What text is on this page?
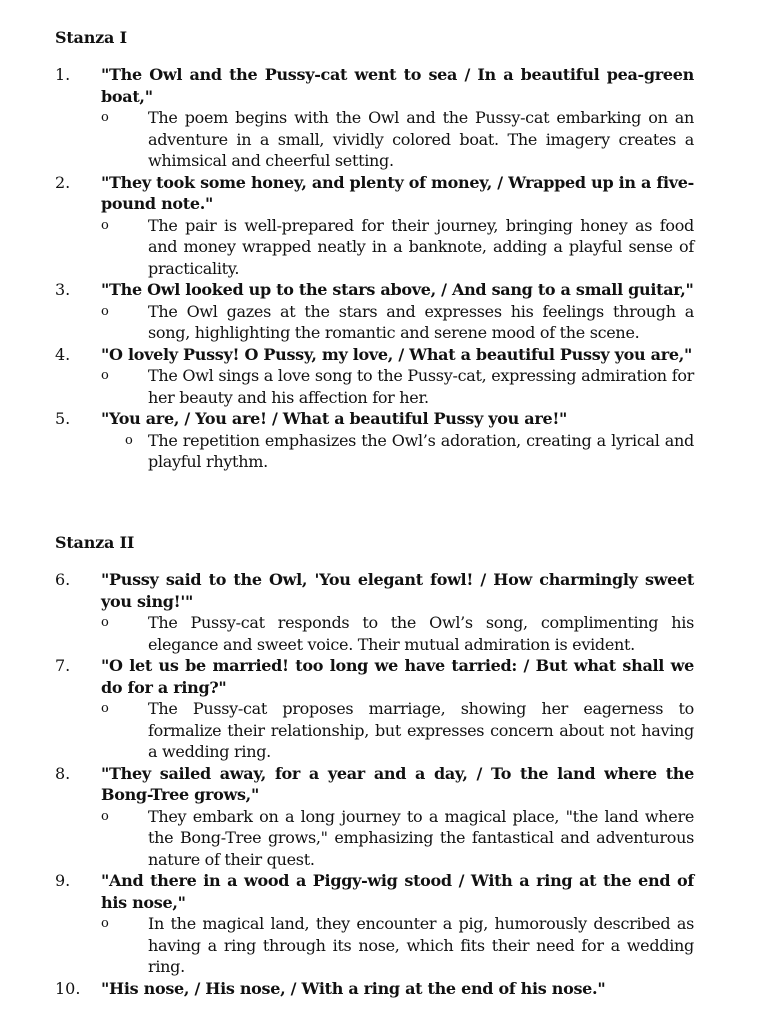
Stanza I
1.	"The Owl and the Pussy-cat went to sea / In a beautiful pea-green boat,"
o The poem begins with the Owl and the Pussy-cat embarking on an adventure in a small, vividly colored boat. The imagery creates a whimsical and cheerful setting.
2.	"They took some honey, and plenty of money, / Wrapped up in a five-pound note."
o The pair is well-prepared for their journey, bringing honey as food and money wrapped neatly in a banknote, adding a playful sense of practicality.
3.	"The Owl looked up to the stars above, / And sang to a small guitar,"
o The Owl gazes at the stars and expresses his feelings through a song, highlighting the romantic and serene mood of the scene.
4.	"O lovely Pussy! O Pussy, my love, / What a beautiful Pussy you are,"
o The Owl sings a love song to the Pussy-cat, expressing admiration for her beauty and his affection for her.
5.	"You are, / You are! / What a beautiful Pussy you are!"
o The repetition emphasizes the Owl’s adoration, creating a lyrical and playful rhythm.
Stanza II
6.	"Pussy said to the Owl, 'You elegant fowl! / How charmingly sweet you sing!'"
o The Pussy-cat responds to the Owl’s song, complimenting his elegance and sweet voice. Their mutual admiration is evident.
7.	"O let us be married! too long we have tarried: / But what shall we do for a ring?"
o The Pussy-cat proposes marriage, showing her eagerness to formalize their relationship, but expresses concern about not having a wedding ring.
8.	"They sailed away, for a year and a day, / To the land where the Bong-Tree grows,"
o They embark on a long journey to a magical place, "the land where the Bong-Tree grows," emphasizing the fantastical and adventurous nature of their quest.
9.	"And there in a wood a Piggy-wig stood / With a ring at the end of his nose,"
o In the magical land, they encounter a pig, humorously described as having a ring through its nose, which fits their need for a wedding ring.
10.	"His nose, / His nose, / With a ring at the end of his nose."
